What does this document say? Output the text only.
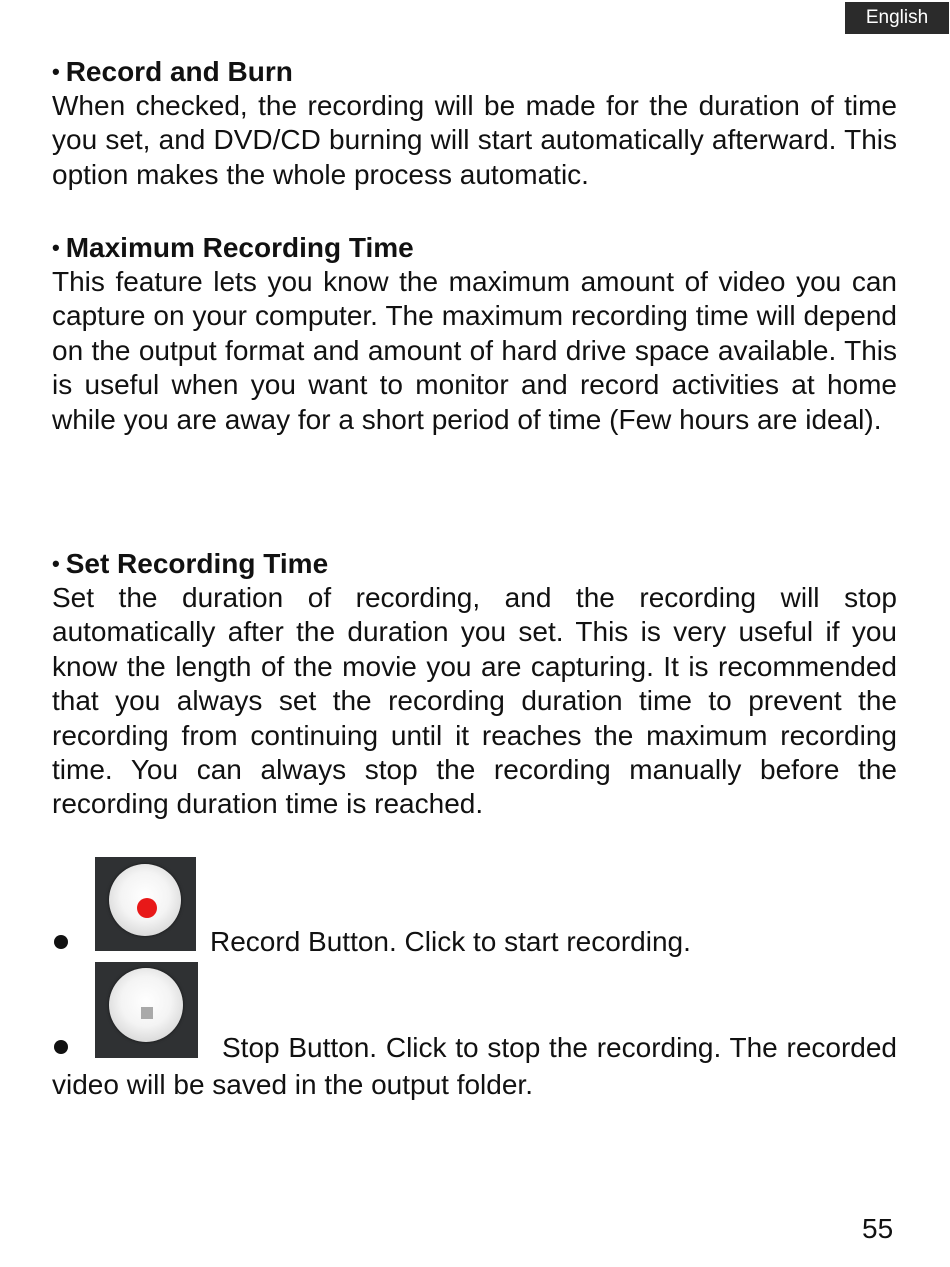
English
• Record and Burn
When checked, the recording will be made for the duration of time you set, and DVD/CD burning will start automatically afterward. This option makes the whole process automatic.
• Maximum Recording Time
This feature lets you know the maximum amount of video you can capture on your computer. The maximum recording time will depend on the output format and amount of hard drive space available. This is useful when you want to monitor and record activities at home while you are away for a short period of time (Few hours are ideal).
• Set Recording Time
Set the duration of recording, and the recording will stop automatically after the duration you set. This is very useful if you know the length of the movie you are capturing. It is recommended that you always set the recording duration time to prevent the recording from continuing until it reaches the maximum recording time. You can always stop the recording manually before the recording duration time is reached.
Record Button. Click to start recording.
Stop Button. Click to stop the recording. The recorded video will be saved in the output folder.
55
